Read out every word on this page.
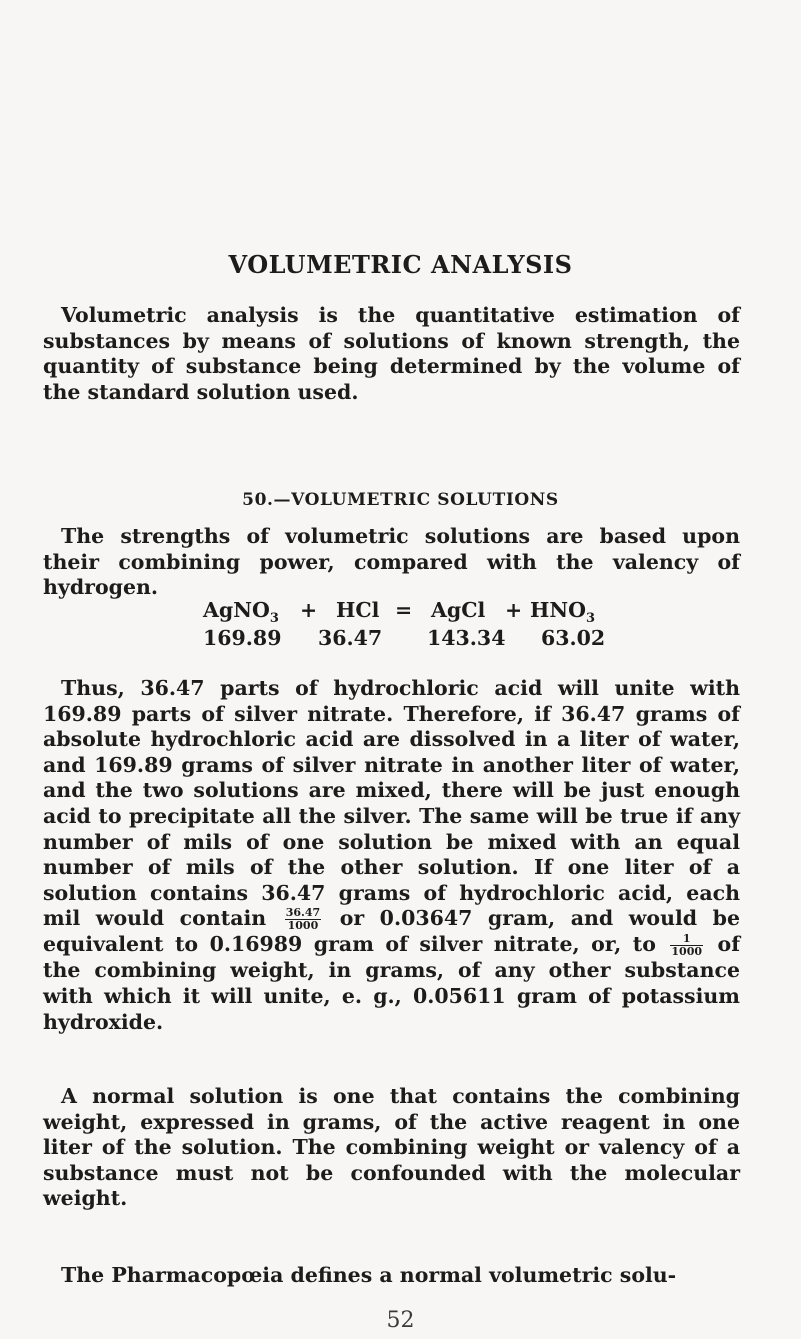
VOLUMETRIC ANALYSIS

Volumetric analysis is the quantitative estimation of substances by means of solutions of known strength, the quantity of substance being determined by the volume of the standard solution used.

50.—VOLUMETRIC SOLUTIONS

The strengths of volumetric solutions are based upon their combining power, compared with the valency of hydrogen.

AgNO$_3$ + HCl = AgCl + $HNO_3$
169.89 36.47 143.34 63.02

Thus, 36.47 parts of hydrochloric acid will unite with 169.89 parts of silver nitrate. Therefore, if 36.47 grams of absolute hydrochloric acid are dissolved in a liter of water, and 169.89 grams of silver nitrate in another liter of water, and the two solutions are mixed, there will be just enough acid to precipitate all the silver. The same will be true if any number of mils of one solution be mixed with an equal number of mils of the other solution. If one liter of a solution contains 36.47 grams of hydrochloric acid, each mil would contain $\frac{36.47}{1000}$ or 0.03647 gram, and would be equivalent to 0.16989 gram of silver nitrate, or, to $\frac{1}{1000}$ of the combining weight, in grams, of any other substance with which it will unite, e. g., 0.05611 gram of potassium hydroxide.

A normal solution is one that contains the combining weight, expressed in grams, of the active reagent in one liter of the solution. The combining weight or valency of a substance must not be confounded with the molecular weight.

The Pharmacopœia defines a normal volumetric solu-

52
